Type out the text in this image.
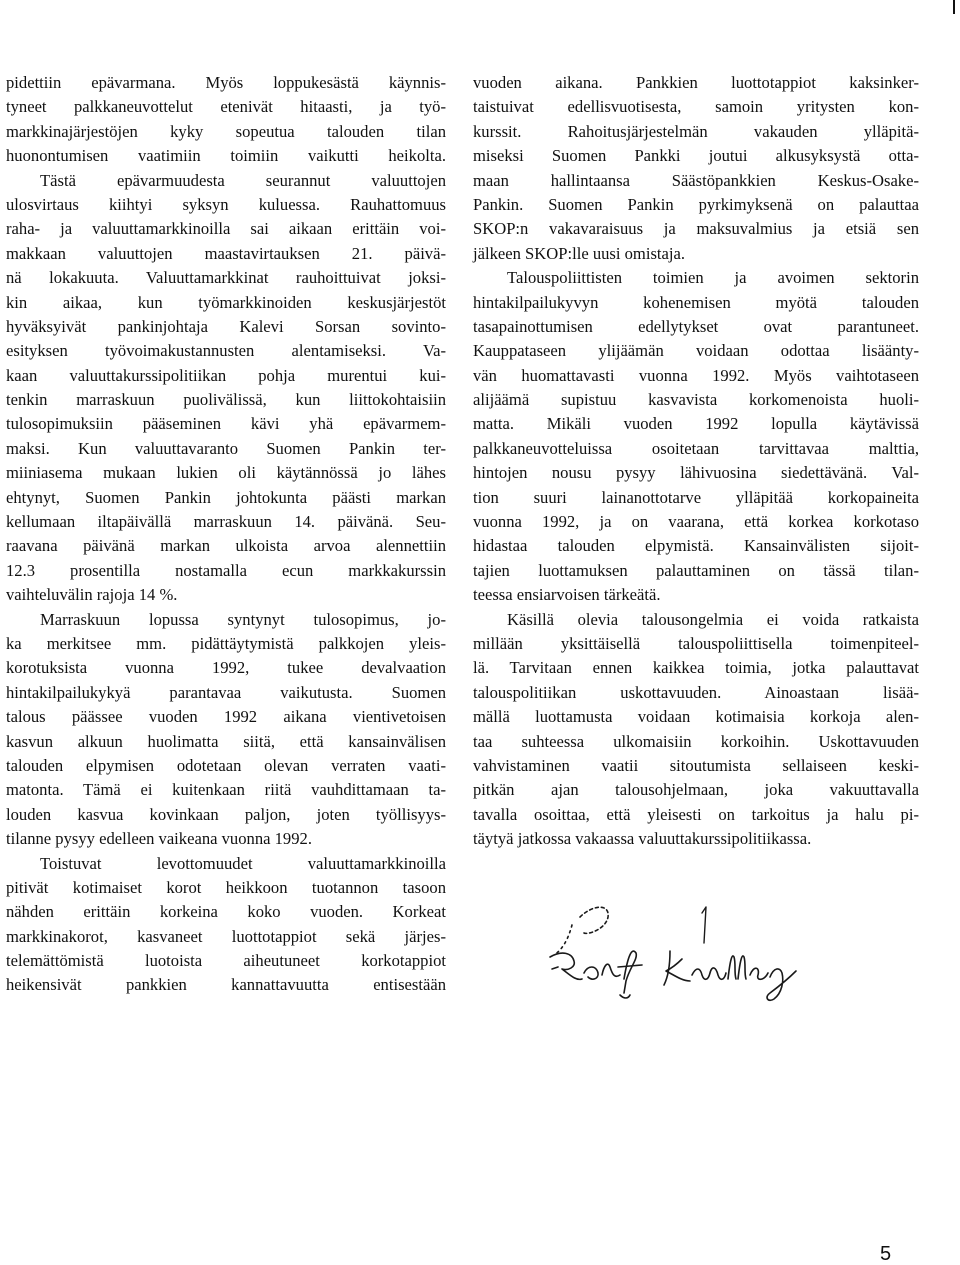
pidettiin epävarmana. Myös loppukesästä käynnis-
tyneet palkkaneuvottelut etenivät hitaasti, ja työ-
markkinajärjestöjen kyky sopeutua talouden tilan
huonontumisen vaatimiin toimiin vaikutti heikolta.
Tästä epävarmuudesta seurannut valuuttojen
ulosvirtaus kiihtyi syksyn kuluessa. Rauhattomuus
raha- ja valuuttamarkkinoilla sai aikaan erittäin voi-
makkaan valuuttojen maastavirtauksen 21. päivä-
nä lokakuuta. Valuuttamarkkinat rauhoittuivat joksi-
kin aikaa, kun työmarkkinoiden keskusjärjestöt
hyväksyivät pankinjohtaja Kalevi Sorsan sovinto-
esityksen työvoimakustannusten alentamiseksi. Va-
kaan valuuttakurssipolitiikan pohja murentui kui-
tenkin marraskuun puolivälissä, kun liittokohtaisiin
tulosopimuksiin pääseminen kävi yhä epävarmem-
maksi. Kun valuuttavaranto Suomen Pankin ter-
miiniasema mukaan lukien oli käytännössä jo lähes
ehtynyt, Suomen Pankin johtokunta päästi markan
kellumaan iltapäivällä marraskuun 14. päivänä. Seu-
raavana päivänä markan ulkoista arvoa alennettiin
12.3 prosentilla nostamalla ecun markkakurssin
vaihteluvälin rajoja 14 %.
Marraskuun lopussa syntynyt tulosopimus, jo-
ka merkitsee mm. pidättäytymistä palkkojen yleis-
korotuksista vuonna 1992, tukee devalvaation
hintakilpailukykyä parantavaa vaikutusta. Suomen
talous päässee vuoden 1992 aikana vientivetoisen
kasvun alkuun huolimatta siitä, että kansainvälisen
talouden elpymisen odotetaan olevan verraten vaati-
matonta. Tämä ei kuitenkaan riitä vauhdittamaan ta-
louden kasvua kovinkaan paljon, joten työllisyys-
tilanne pysyy edelleen vaikeana vuonna 1992.
Toistuvat levottomuudet valuuttamarkkinoilla
pitivät kotimaiset korot heikkoon tuotannon tasoon
nähden erittäin korkeina koko vuoden. Korkeat
markkinakorot, kasvaneet luottotappiot sekä järjes-
telemättömistä luotoista aiheutuneet korkotappiot
heikensivät pankkien kannattavuutta entisestään
vuoden aikana. Pankkien luottotappiot kaksinker-
taistuivat edellisvuotisesta, samoin yritysten kon-
kurssit. Rahoitusjärjestelmän vakauden ylläpitä-
miseksi Suomen Pankki joutui alkusyksystä otta-
maan hallintaansa Säästöpankkien Keskus-Osake-
Pankin. Suomen Pankin pyrkimyksenä on palauttaa
SKOP:n vakavaraisuus ja maksuvalmius ja etsiä sen
jälkeen SKOP:lle uusi omistaja.
Talouspoliittisten toimien ja avoimen sektorin
hintakilpailukyvyn kohenemisen myötä talouden
tasapainottumisen edellytykset ovat parantuneet.
Kauppataseen ylijäämän voidaan odottaa lisäänty-
vän huomattavasti vuonna 1992. Myös vaihtotaseen
alijäämä supistuu kasvavista korkomenoista huoli-
matta. Mikäli vuoden 1992 lopulla käytävissä
palkkaneuvotteluissa osoitetaan tarvittavaa malttia,
hintojen nousu pysyy lähivuosina siedettävänä. Val-
tion suuri lainanottotarve ylläpitää korkopaineita
vuonna 1992, ja on vaarana, että korkea korkotaso
hidastaa talouden elpymistä. Kansainvälisten sijoit-
tajien luottamuksen palauttaminen on tässä tilan-
teessa ensiarvoisen tärkeätä.
Käsillä olevia talousongelmia ei voida ratkaista
millään yksittäisellä talouspoliittisella toimenpiteel-
lä. Tarvitaan ennen kaikkea toimia, jotka palauttavat
talouspolitiikan uskottavuuden. Ainoastaan lisää-
mällä luottamusta voidaan kotimaisia korkoja alen-
taa suhteessa ulkomaisiin korkoihin. Uskottavuuden
vahvistaminen vaatii sitoutumista sellaiseen keski-
pitkän ajan talousohjelmaan, joka vakuuttavalla
tavalla osoittaa, että yleisesti on tarkoitus ja halu pi-
täytyä jatkossa vakaassa valuuttakurssipolitiikassa.
5
